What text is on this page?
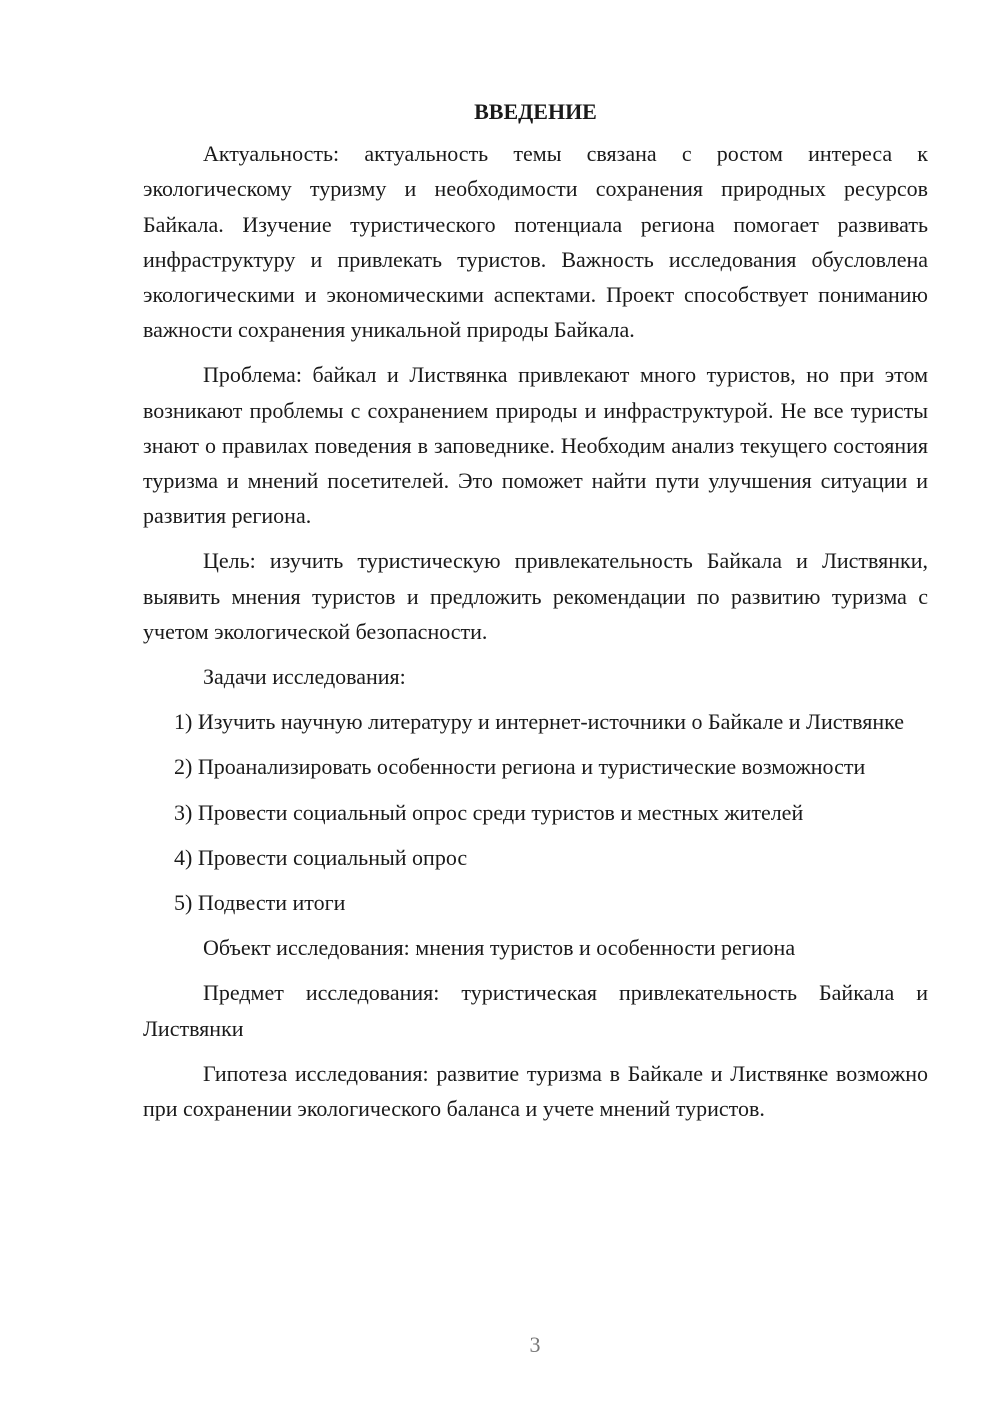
ВВЕДЕНИЕ

Актуальность: актуальность темы связана с ростом интереса к экологическому туризму и необходимости сохранения природных ресурсов Байкала. Изучение туристического потенциала региона помогает развивать инфраструктуру и привлекать туристов. Важность исследования обусловлена экологическими и экономическими аспектами. Проект способствует пониманию важности сохранения уникальной природы Байкала.

Проблема: байкал и Листвянка привлекают много туристов, но при этом возникают проблемы с сохранением природы и инфраструктурой. Не все туристы знают о правилах поведения в заповеднике. Необходим анализ текущего состояния туризма и мнений посетителей. Это поможет найти пути улучшения ситуации и развития региона.

Цель: изучить туристическую привлекательность Байкала и Листвянки, выявить мнения туристов и предложить рекомендации по развитию туризма с учетом экологической безопасности.

Задачи исследования:

1) Изучить научную литературу и интернет-источники о Байкале и Листвянке

2) Проанализировать особенности региона и туристические возможности

3) Провести социальный опрос среди туристов и местных жителей

4) Провести социальный опрос

5) Подвести итоги

Объект исследования: мнения туристов и особенности региона

Предмет исследования: туристическая привлекательность Байкала и Листвянки

Гипотеза исследования: развитие туризма в Байкале и Листвянке возможно при сохранении экологического баланса и учете мнений туристов.

3
